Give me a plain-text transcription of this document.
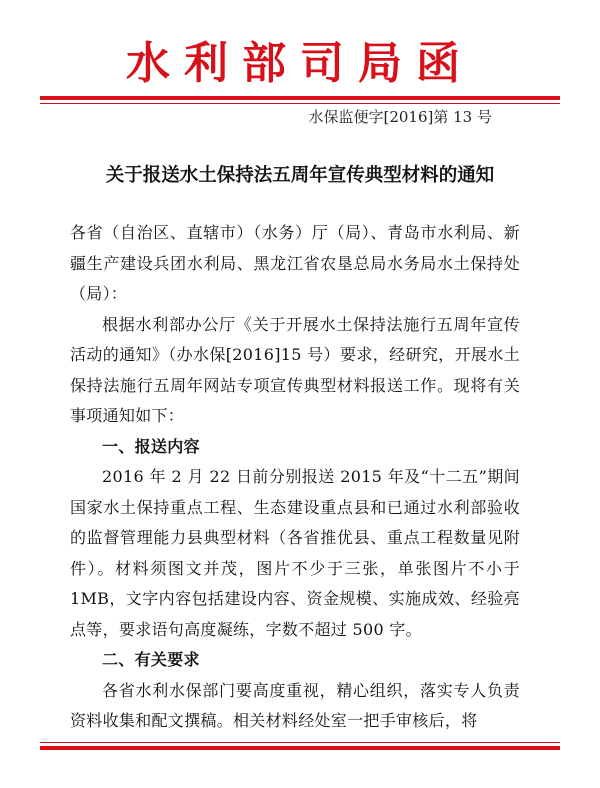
水利部司局函
水保监便字[2016]第 13 号
关于报送水土保持法五周年宣传典型材料的通知

各省（自治区、直辖市）（水务）厅（局）、青岛市水利局、新疆生产建设兵团水利局、黑龙江省农垦总局水务局水土保持处（局）：

根据水利部办公厅《关于开展水土保持法施行五周年宣传活动的通知》（办水保[2016]15 号）要求，经研究，开展水土保持法施行五周年网站专项宣传典型材料报送工作。现将有关事项通知如下：

一、报送内容

2016 年 2 月 22 日前分别报送 2015 年及“十二五”期间国家水土保持重点工程、生态建设重点县和已通过水利部验收的监督管理能力县典型材料（各省推优县、重点工程数量见附件）。材料须图文并茂，图片不少于三张，单张图片不小于 1MB，文字内容包括建设内容、资金规模、实施成效、经验亮点等，要求语句高度凝练，字数不超过 500 字。

二、有关要求

各省水利水保部门要高度重视，精心组织，落实专人负责资料收集和配文撰稿。相关材料经处室一把手审核后，将
